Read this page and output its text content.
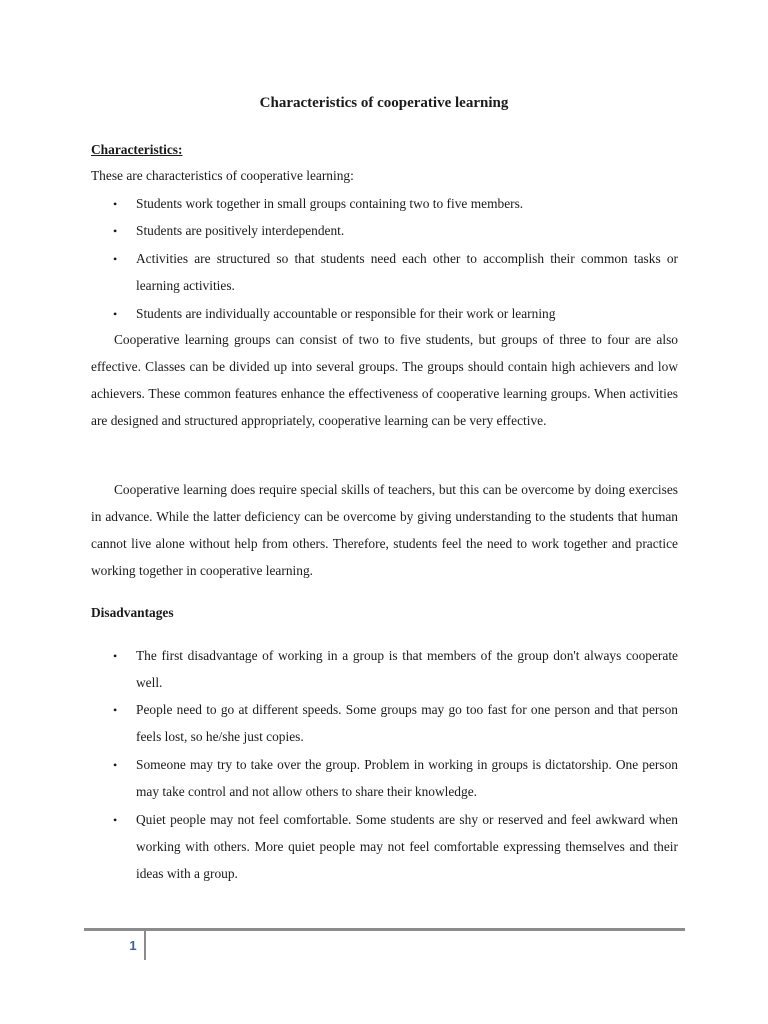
Characteristics of cooperative learning
Characteristics:
These are characteristics of cooperative learning:
• Students work together in small groups containing two to five members.
• Students are positively interdependent.
• Activities are structured so that students need each other to accomplish their common tasks or learning activities.
• Students are individually accountable or responsible for their work or learning
Cooperative learning groups can consist of two to five students, but groups of three to four are also effective. Classes can be divided up into several groups. The groups should contain high achievers and low achievers. These common features enhance the effectiveness of cooperative learning groups. When activities are designed and structured appropriately, cooperative learning can be very effective.
Cooperative learning does require special skills of teachers, but this can be overcome by doing exercises in advance. While the latter deficiency can be overcome by giving understanding to the students that human cannot live alone without help from others. Therefore, students feel the need to work together and practice working together in cooperative learning.
Disadvantages
• The first disadvantage of working in a group is that members of the group don't always cooperate well.
• People need to go at different speeds. Some groups may go too fast for one person and that person feels lost, so he/she just copies.
• Someone may try to take over the group. Problem in working in groups is dictatorship. One person may take control and not allow others to share their knowledge.
• Quiet people may not feel comfortable. Some students are shy or reserved and feel awkward when working with others. More quiet people may not feel comfortable expressing themselves and their ideas with a group.
1
